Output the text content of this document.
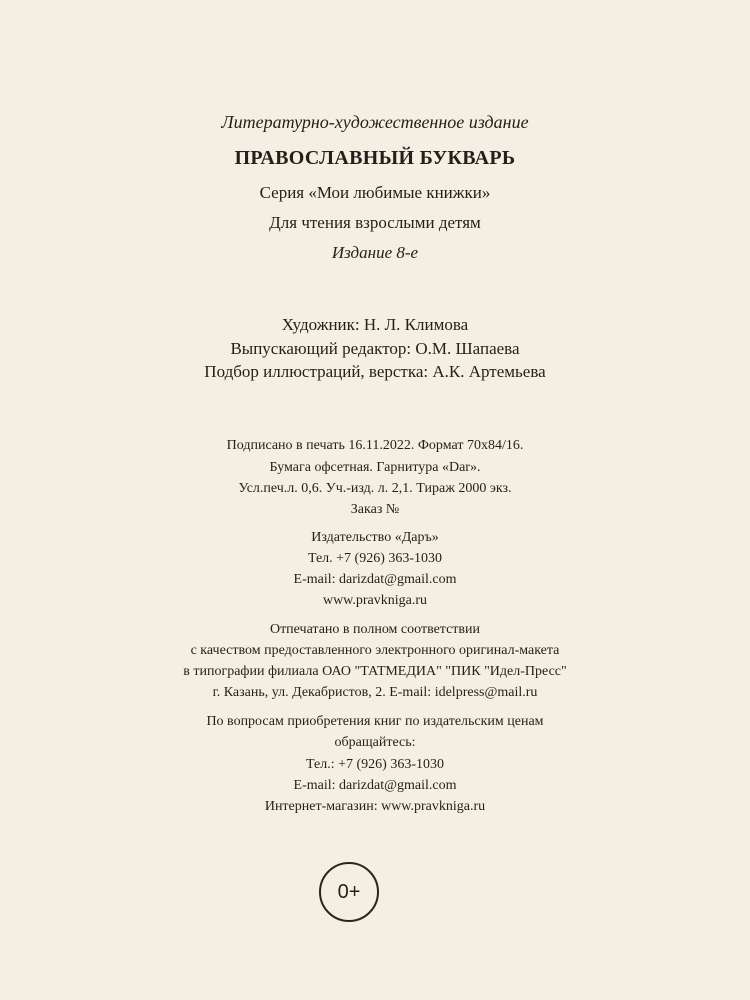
Литературно-художественное издание
ПРАВОСЛАВНЫЙ БУКВАРЬ
Серия «Мои любимые книжки»
Для чтения взрослыми детям
Издание 8-е
Художник: Н. Л. Климова
Выпускающий редактор: О.М. Шапаева
Подбор иллюстраций, верстка: А.К. Артемьева
Подписано в печать 16.11.2022. Формат 70х84/16.
Бумага офсетная. Гарнитура «Dar».
Усл.печ.л. 0,6. Уч.-изд. л. 2,1. Тираж 2000 экз.
Заказ №
Издательство «Даръ»
Тел. +7 (926) 363-1030
E-mail: darizdat@gmail.com
www.pravkniga.ru
Отпечатано в полном соответствии
с качеством предоставленного электронного оригинал-макета
в типографии филиала ОАО "ТАТМЕДИА" "ПИК "Идел-Пресс"
г. Казань, ул. Декабристов, 2. E-mail: idelpress@mail.ru
По вопросам приобретения книг по издательским ценам
обращайтесь:
Тел.: +7 (926) 363-1030
E-mail: darizdat@gmail.com
Интернет-магазин: www.pravkniga.ru
0+
